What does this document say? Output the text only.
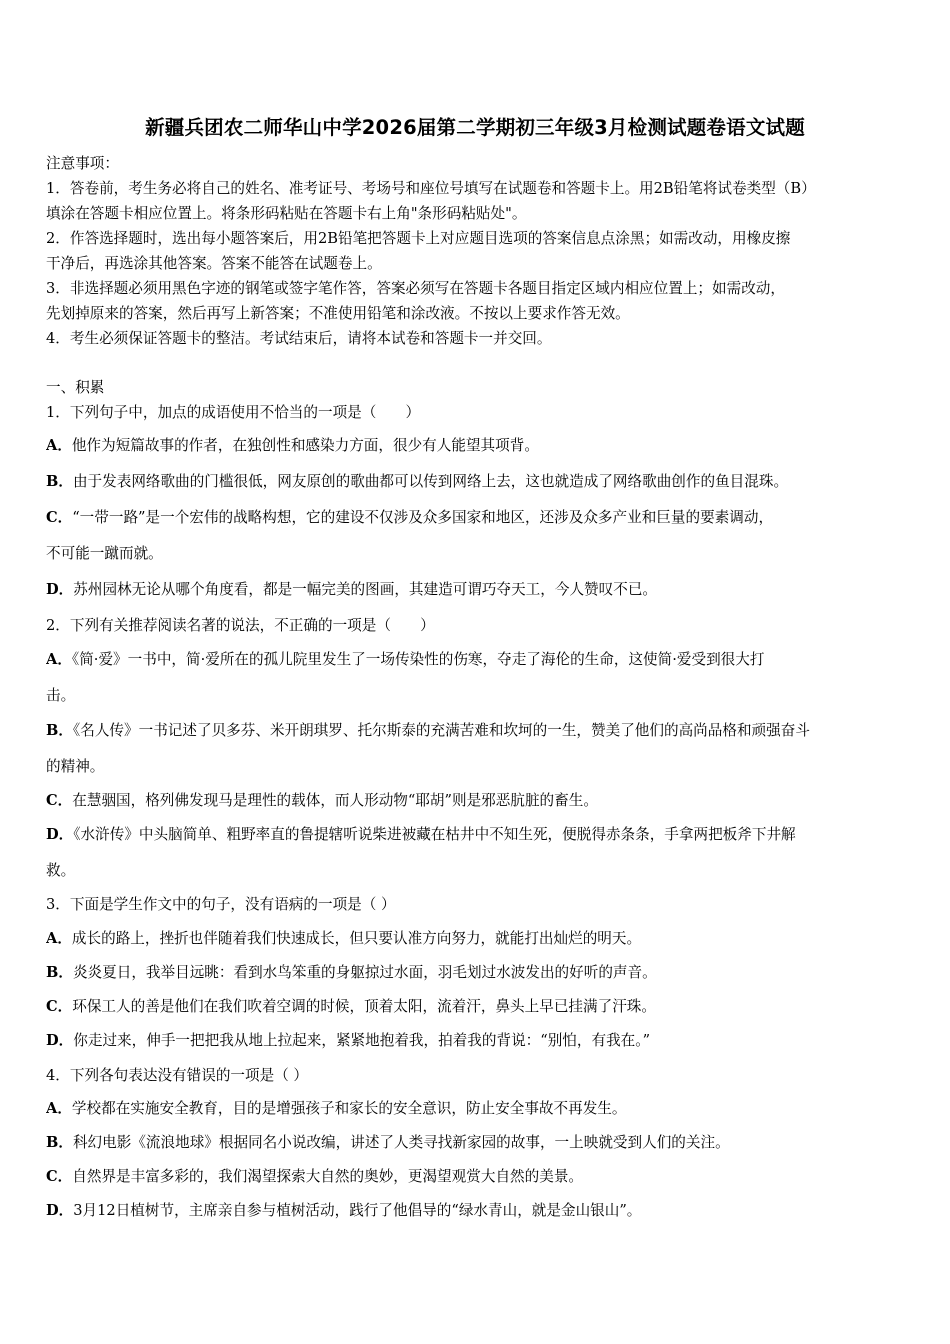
新疆兵团农二师华山中学2026届第二学期初三年级3月检测试题卷语文试题
注意事项：
1．答卷前，考生务必将自己的姓名、准考证号、考场号和座位号填写在试题卷和答题卡上。用2B铅笔将试卷类型（B）
填涂在答题卡相应位置上。将条形码粘贴在答题卡右上角"条形码粘贴处"。
2．作答选择题时，选出每小题答案后，用2B铅笔把答题卡上对应题目选项的答案信息点涂黑；如需改动，用橡皮擦
干净后，再选涂其他答案。答案不能答在试题卷上。
3．非选择题必须用黑色字迹的钢笔或签字笔作答，答案必须写在答题卡各题目指定区域内相应位置上；如需改动，
先划掉原来的答案，然后再写上新答案；不准使用铅笔和涂改液。不按以上要求作答无效。
4．考生必须保证答题卡的整洁。考试结束后，请将本试卷和答题卡一并交回。
一、积累
1．下列句子中，加点的成语使用不恰当的一项是（　　）
A．他作为短篇故事的作者，在独创性和感染力方面，很少有人能望其项背。
B．由于发表网络歌曲的门槛很低，网友原创的歌曲都可以传到网络上去，这也就造成了网络歌曲创作的鱼目混珠。
C．“一带一路”是一个宏伟的战略构想，它的建设不仅涉及众多国家和地区，还涉及众多产业和巨量的要素调动，
不可能一蹴而就。
D．苏州园林无论从哪个角度看，都是一幅完美的图画，其建造可谓巧夺天工，今人赞叹不已。
2．下列有关推荐阅读名著的说法，不正确的一项是（　　）
A．《简·爱》一书中，简·爱所在的孤儿院里发生了一场传染性的伤寒，夺走了海伦的生命，这使简·爱受到很大打
击。
B．《名人传》一书记述了贝多芬、米开朗琪罗、托尔斯泰的充满苦难和坎坷的一生，赞美了他们的高尚品格和顽强奋斗
的精神。
C．在慧骃国，格列佛发现马是理性的载体，而人形动物“耶胡”则是邪恶肮脏的畜生。
D．《水浒传》中头脑简单、粗野率直的鲁提辖听说柴进被藏在枯井中不知生死，便脱得赤条条，手拿两把板斧下井解
救。
3．下面是学生作文中的句子，没有语病的一项是（ ）
A．成长的路上，挫折也伴随着我们快速成长，但只要认准方向努力，就能打出灿烂的明天。
B．炎炎夏日，我举目远眺：看到水鸟笨重的身躯掠过水面，羽毛划过水波发出的好听的声音。
C．环保工人的善是他们在我们吹着空调的时候，顶着太阳，流着汗，鼻头上早已挂满了汗珠。
D．你走过来，伸手一把把我从地上拉起来，紧紧地抱着我，拍着我的背说：“别怕，有我在。”
4．下列各句表达没有错误的一项是（ ）
A．学校都在实施安全教育，目的是增强孩子和家长的安全意识，防止安全事故不再发生。
B．科幻电影《流浪地球》根据同名小说改编，讲述了人类寻找新家园的故事，一上映就受到人们的关注。
C．自然界是丰富多彩的，我们渴望探索大自然的奥妙，更渴望观赏大自然的美景。
D．3月12日植树节，主席亲自参与植树活动，践行了他倡导的“绿水青山，就是金山银山”。
